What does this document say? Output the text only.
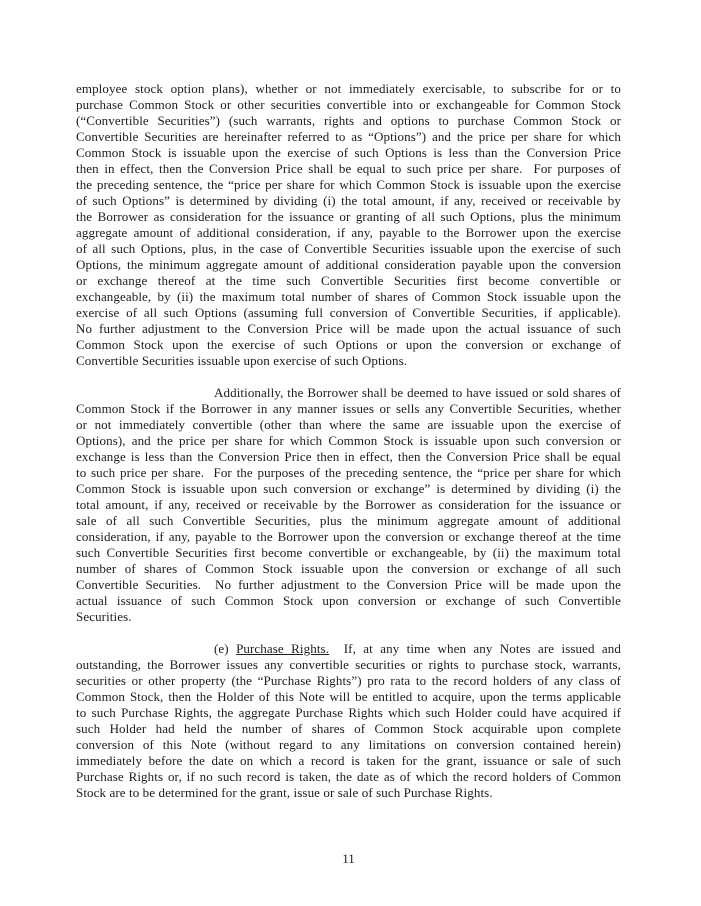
employee stock option plans), whether or not immediately exercisable, to subscribe for or to
purchase Common Stock or other securities convertible into or exchangeable for Common Stock
(“Convertible Securities”) (such warrants, rights and options to purchase Common Stock or
Convertible Securities are hereinafter referred to as “Options”) and the price per share for which
Common Stock is issuable upon the exercise of such Options is less than the Conversion Price
then in effect, then the Conversion Price shall be equal to such price per share.  For purposes of
the preceding sentence, the “price per share for which Common Stock is issuable upon the exercise
of such Options” is determined by dividing (i) the total amount, if any, received or receivable by
the Borrower as consideration for the issuance or granting of all such Options, plus the minimum
aggregate amount of additional consideration, if any, payable to the Borrower upon the exercise
of all such Options, plus, in the case of Convertible Securities issuable upon the exercise of such
Options, the minimum aggregate amount of additional consideration payable upon the conversion
or exchange thereof at the time such Convertible Securities first become convertible or
exchangeable, by (ii) the maximum total number of shares of Common Stock issuable upon the
exercise of all such Options (assuming full conversion of Convertible Securities, if applicable).
No further adjustment to the Conversion Price will be made upon the actual issuance of such
Common Stock upon the exercise of such Options or upon the conversion or exchange of
Convertible Securities issuable upon exercise of such Options.
Additionally, the Borrower shall be deemed to have issued or sold shares of
Common Stock if the Borrower in any manner issues or sells any Convertible Securities, whether
or not immediately convertible (other than where the same are issuable upon the exercise of
Options), and the price per share for which Common Stock is issuable upon such conversion or
exchange is less than the Conversion Price then in effect, then the Conversion Price shall be equal
to such price per share.  For the purposes of the preceding sentence, the “price per share for which
Common Stock is issuable upon such conversion or exchange” is determined by dividing (i) the
total amount, if any, received or receivable by the Borrower as consideration for the issuance or
sale of all such Convertible Securities, plus the minimum aggregate amount of additional
consideration, if any, payable to the Borrower upon the conversion or exchange thereof at the time
such Convertible Securities first become convertible or exchangeable, by (ii) the maximum total
number of shares of Common Stock issuable upon the conversion or exchange of all such
Convertible Securities.  No further adjustment to the Conversion Price will be made upon the
actual issuance of such Common Stock upon conversion or exchange of such Convertible
Securities.
(e) Purchase Rights.  If, at any time when any Notes are issued and
outstanding, the Borrower issues any convertible securities or rights to purchase stock, warrants,
securities or other property (the “Purchase Rights”) pro rata to the record holders of any class of
Common Stock, then the Holder of this Note will be entitled to acquire, upon the terms applicable
to such Purchase Rights, the aggregate Purchase Rights which such Holder could have acquired if
such Holder had held the number of shares of Common Stock acquirable upon complete
conversion of this Note (without regard to any limitations on conversion contained herein)
immediately before the date on which a record is taken for the grant, issuance or sale of such
Purchase Rights or, if no such record is taken, the date as of which the record holders of Common
Stock are to be determined for the grant, issue or sale of such Purchase Rights.
11
